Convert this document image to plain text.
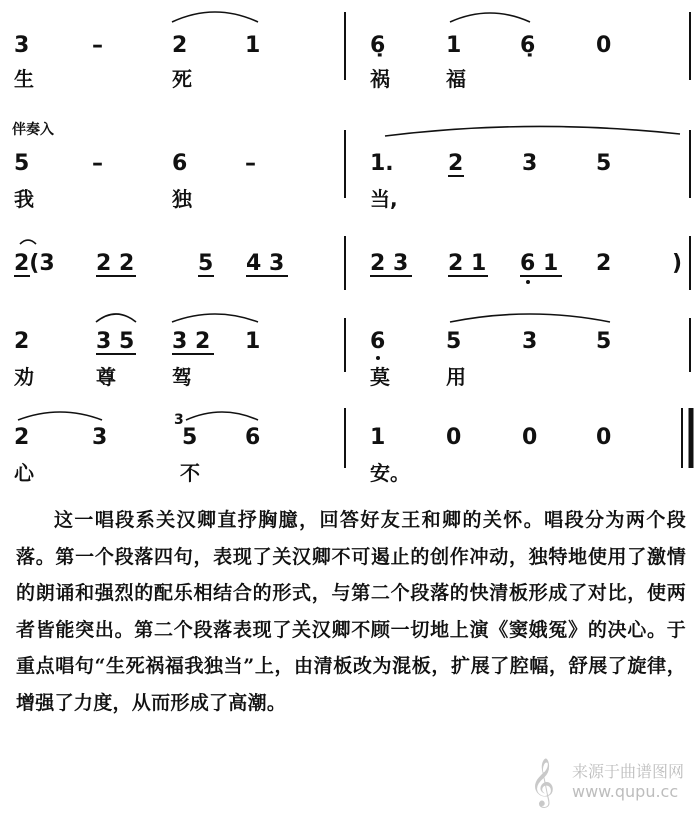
3	–	2	1	6̣	1	6̣	0
生	死	祸	福
伴奏入
5	–	6	–	1. 2	3	5
我	独	当,
2(3 2 2	5 4 3	2 3 2 1 6 1 2	)
2	3 5 3 2 1	6	5	3	5
劝	尊	驾	莫	用
3
2	3	5 6	1	0	0	0
心	不	安。

这一唱段系关汉卿直抒胸臆，回答好友王和卿的关怀。唱段分为两个段落。第一个段落四句，表现了关汉卿不可遏止的创作冲动，独特地使用了激情的朗诵和强烈的配乐相结合的形式，与第二个段落的快清板形成了对比，使两者皆能突出。第二个段落表现了关汉卿不顾一切地上演《窦娥冤》的决心。于重点唱句“生死祸福我独当”上，由清板改为混板，扩展了腔幅，舒展了旋律，增强了力度，从而形成了高潮。

𝄞 来源于曲谱图网
www.qupu.cc
